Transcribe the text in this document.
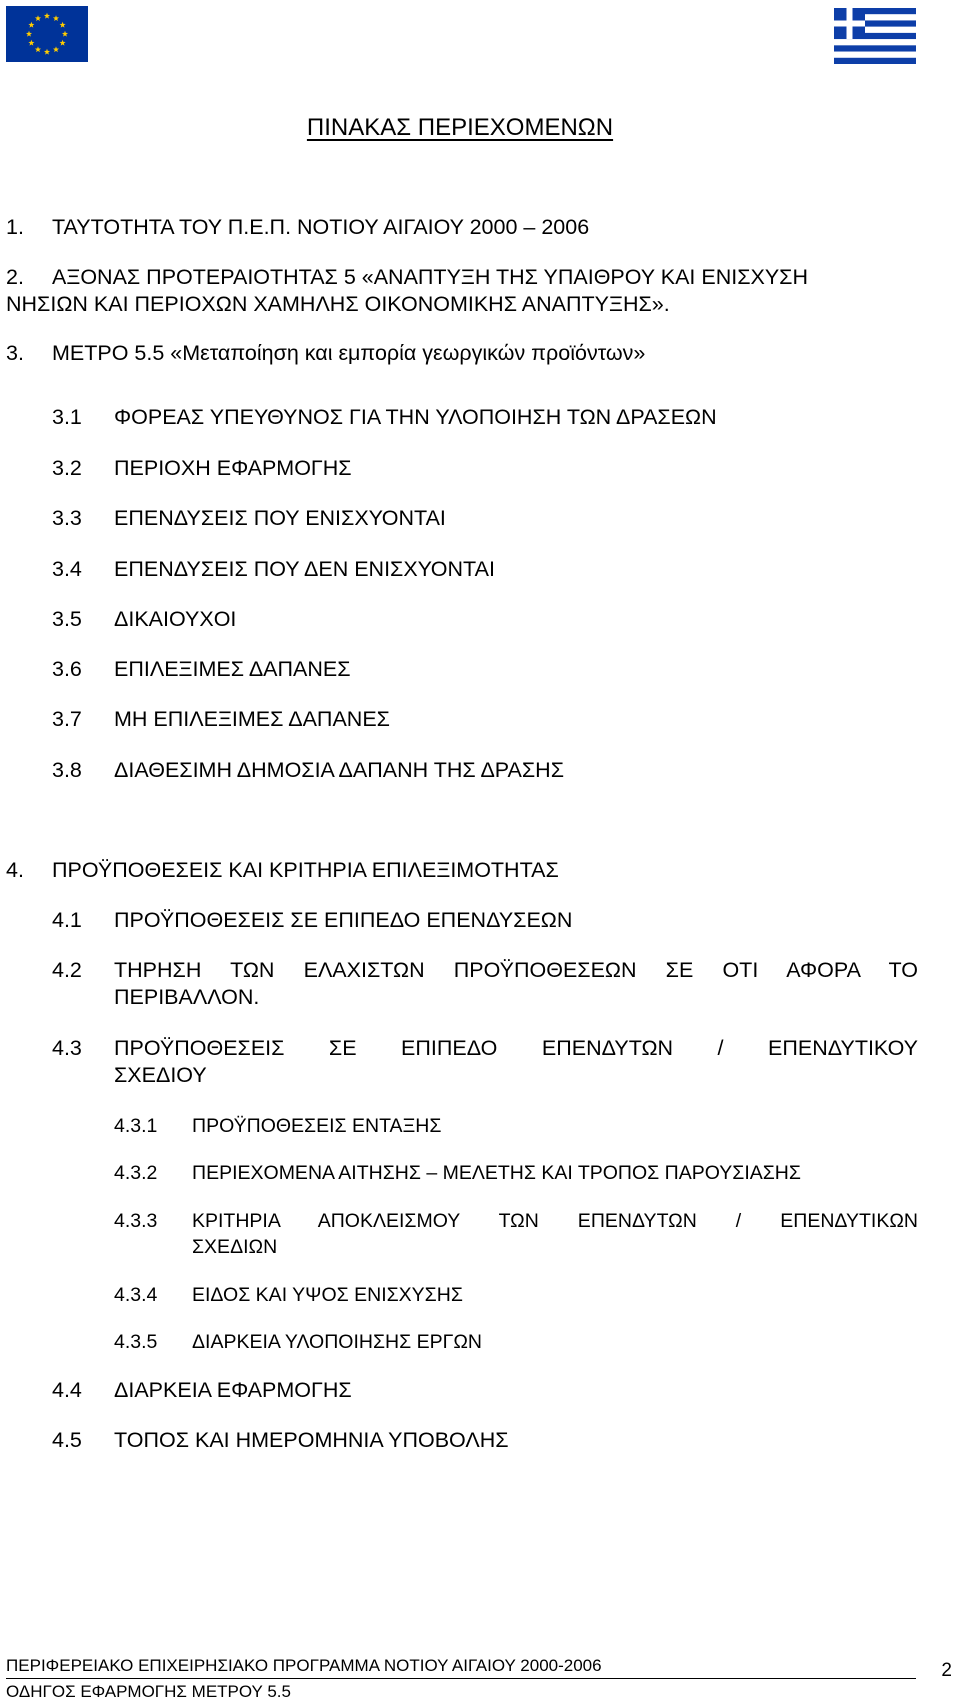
ΠΙΝΑΚΑΣ ΠΕΡΙΕΧΟΜΕΝΩΝ
1. ΤΑΥΤΟΤΗΤΑ ΤΟΥ Π.Ε.Π. ΝΟΤΙΟΥ ΑΙΓΑΙΟΥ 2000 – 2006
2. ΑΞΟΝΑΣ ΠΡΟΤΕΡΑΙΟΤΗΤΑΣ 5 «ΑΝΑΠΤΥΞΗ ΤΗΣ ΥΠΑΙΘΡΟΥ ΚΑΙ ΕΝΙΣΧΥΣΗ
ΝΗΣΙΩΝ ΚΑΙ ΠΕΡΙΟΧΩΝ ΧΑΜΗΛΗΣ ΟΙΚΟΝΟΜΙΚΗΣ ΑΝΑΠΤΥΞΗΣ».
3. ΜΕΤΡΟ 5.5 «Μεταποίηση και εμπορία γεωργικών προϊόντων»
3.1 ΦΟΡΕΑΣ ΥΠΕΥΘΥΝΟΣ ΓΙΑ ΤΗΝ ΥΛΟΠΟΙΗΣΗ ΤΩΝ ΔΡΑΣΕΩΝ
3.2 ΠΕΡΙΟΧΗ ΕΦΑΡΜΟΓΗΣ
3.3 ΕΠΕΝΔΥΣΕΙΣ ΠΟΥ ΕΝΙΣΧΥΟΝΤΑΙ
3.4 ΕΠΕΝΔΥΣΕΙΣ ΠΟΥ ΔΕΝ ΕΝΙΣΧΥΟΝΤΑΙ
3.5 ΔΙΚΑΙΟΥΧΟΙ
3.6 ΕΠΙΛΕΞΙΜΕΣ ΔΑΠΑΝΕΣ
3.7 ΜΗ ΕΠΙΛΕΞΙΜΕΣ ΔΑΠΑΝΕΣ
3.8 ΔΙΑΘΕΣΙΜΗ ΔΗΜΟΣΙΑ ΔΑΠΑΝΗ ΤΗΣ ΔΡΑΣΗΣ
4. ΠΡΟΫΠΟΘΕΣΕΙΣ ΚΑΙ ΚΡΙΤΗΡΙΑ ΕΠΙΛΕΞΙΜΟΤΗΤΑΣ
4.1 ΠΡΟΫΠΟΘΕΣΕΙΣ ΣΕ ΕΠΙΠΕΔΟ ΕΠΕΝΔΥΣΕΩΝ
4.2 ΤΗΡΗΣΗ ΤΩΝ ΕΛΑΧΙΣΤΩΝ ΠΡΟΫΠΟΘΕΣΕΩΝ ΣΕ ΟΤΙ ΑΦΟΡΑ ΤΟ
ΠΕΡΙΒΑΛΛΟΝ.
4.3 ΠΡΟΫΠΟΘΕΣΕΙΣ ΣΕ ΕΠΙΠΕΔΟ ΕΠΕΝΔΥΤΩΝ / ΕΠΕΝΔΥΤΙΚΟΥ
ΣΧΕΔΙΟΥ
4.3.1 ΠΡΟΫΠΟΘΕΣΕΙΣ ΕΝΤΑΞΗΣ
4.3.2 ΠΕΡΙΕΧΟΜΕΝΑ ΑΙΤΗΣΗΣ – ΜΕΛΕΤΗΣ ΚΑΙ ΤΡΟΠΟΣ ΠΑΡΟΥΣΙΑΣΗΣ
4.3.3 ΚΡΙΤΗΡΙΑ ΑΠΟΚΛΕΙΣΜΟΥ ΤΩΝ ΕΠΕΝΔΥΤΩΝ / ΕΠΕΝΔΥΤΙΚΩΝ
ΣΧΕΔΙΩΝ
4.3.4 ΕΙΔΟΣ ΚΑΙ ΥΨΟΣ ΕΝΙΣΧΥΣΗΣ
4.3.5 ΔΙΑΡΚΕΙΑ ΥΛΟΠΟΙΗΣΗΣ ΕΡΓΩΝ
4.4 ΔΙΑΡΚΕΙΑ ΕΦΑΡΜΟΓΗΣ
4.5 ΤΟΠΟΣ ΚΑΙ ΗΜΕΡΟΜΗΝΙΑ ΥΠΟΒΟΛΗΣ
ΠΕΡΙΦΕΡΕΙΑΚΟ ΕΠΙΧΕΙΡΗΣΙΑΚΟ ΠΡΟΓΡΑΜΜΑ ΝΟΤΙΟΥ ΑΙΓΑΙΟΥ 2000-2006	2
ΟΔΗΓΟΣ ΕΦΑΡΜΟΓΗΣ ΜΕΤΡΟΥ 5.5
